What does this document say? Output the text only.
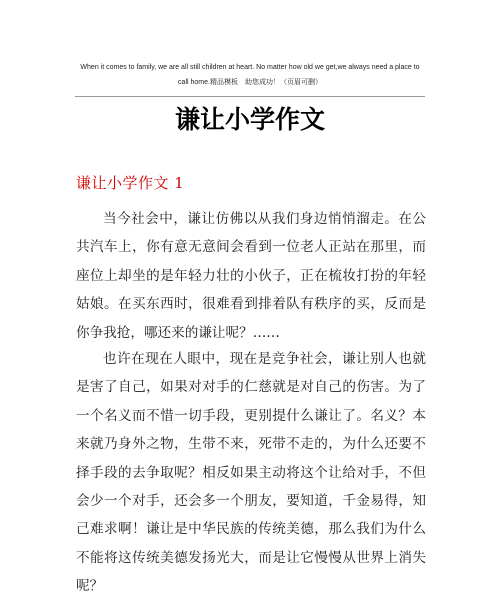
When it comes to family, we are all still children at heart. No matter how old we get,we always need a place to
call home.精品模板　助您成功！（页眉可删）
谦让小学作文
谦让小学作文 1

当今社会中，谦让仿佛以从我们身边悄悄溜走。在公共汽车上，你有意无意间会看到一位老人正站在那里，而座位上却坐的是年轻力壮的小伙子，正在梳妆打扮的年轻姑娘。在买东西时，很难看到排着队有秩序的买，反而是你争我抢，哪还来的谦让呢？……

也许在现在人眼中，现在是竞争社会，谦让别人也就是害了自己，如果对对手的仁慈就是对自己的伤害。为了一个名义而不惜一切手段，更别提什么谦让了。名义？本来就乃身外之物，生带不来，死带不走的，为什么还要不择手段的去争取呢？相反如果主动将这个让给对手，不但会少一个对手，还会多一个朋友，要知道，千金易得，知己难求啊！谦让是中华民族的传统美德，那么我们为什么不能将这传统美德发扬光大，而是让它慢慢从世界上消失呢？
